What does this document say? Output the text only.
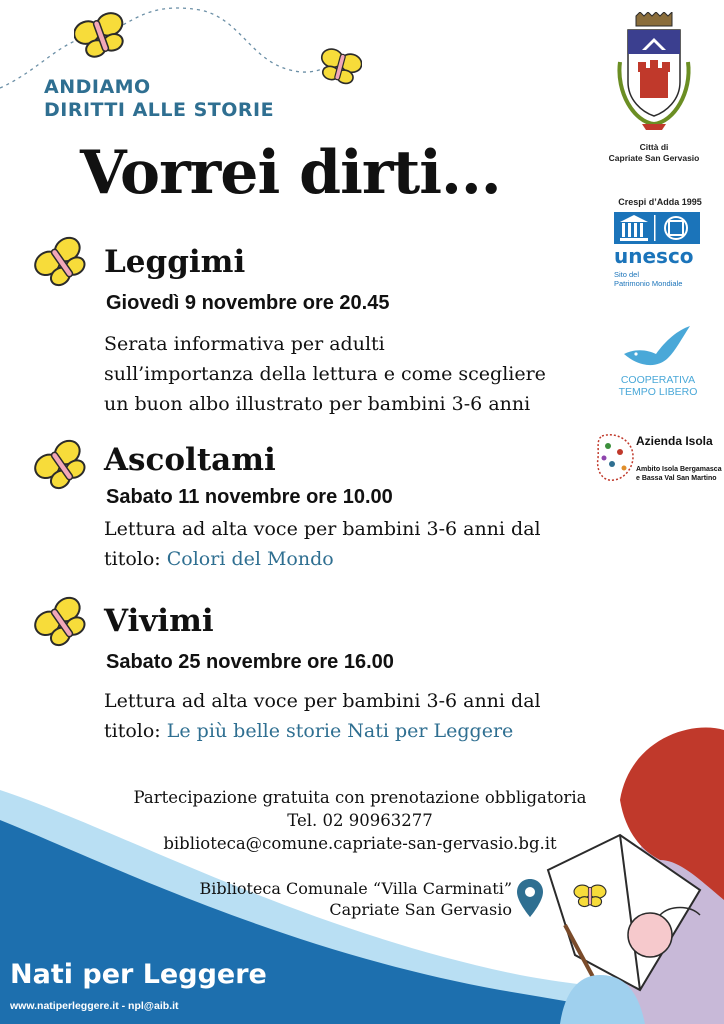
ANDIAMO
DIRITTI ALLE STORIE
Vorrei dirti...
Leggimi
Giovedì 9 novembre ore 20.45
Serata informativa per adulti
sull’importanza della lettura e come scegliere
un buon albo illustrato per bambini 3-6 anni
Ascoltami
Sabato 11 novembre ore 10.00
Lettura ad alta voce per bambini 3-6 anni dal
titolo: Colori del Mondo
Vivimi
Sabato 25 novembre ore 16.00
Lettura ad alta voce per bambini 3-6 anni dal
titolo: Le più belle storie Nati per Leggere
Partecipazione gratuita con prenotazione obbligatoria
Tel. 02 90963277
biblioteca@comune.capriate-san-gervasio.bg.it
Biblioteca Comunale “Villa Carminati”
Capriate San Gervasio
Nati per Leggere
www.natiperleggere.it - npl@aib.it
Città di
Capriate San Gervasio
Crespi d’Adda 1995
unesco
Sito del
Patrimonio Mondiale
COOPERATIVA
TEMPO LIBERO
Azienda Isola
Ambito Isola Bergamasca
e Bassa Val San Martino
